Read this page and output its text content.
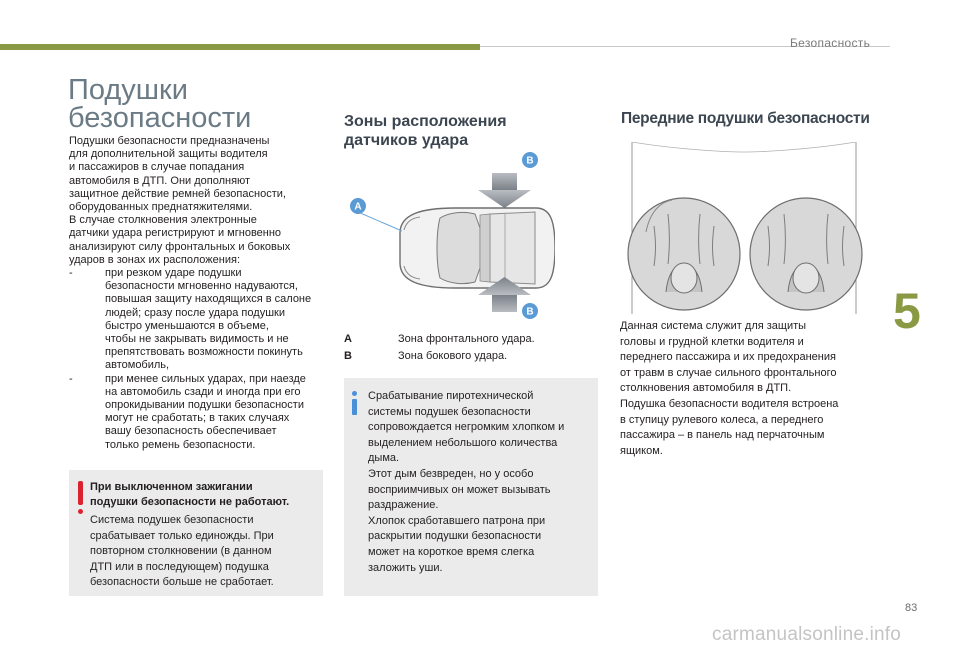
Безопасность
5
83
carmanualsonline.info
Подушки
безопасности

Подушки безопасности предназначены

для дополнительной защиты водителя

и пассажиров в случае попадания

автомобиля в ДТП. Они дополняют

защитное действие ремней безопасности,

оборудованных преднатяжителями.

В случае столкновения электронные

датчики удара регистрируют и мгновенно

анализируют силу фронтальных и боковых

ударов в зонах их расположения:

-	при резком ударе подушки

безопасности мгновенно надуваются,

повышая защиту находящихся в салоне

людей; сразу после удара подушки

быстро уменьшаются в объеме,

чтобы не закрывать видимость и не

препятствовать возможности покинуть

автомобиль,

-	при менее сильных ударах, при наезде

на автомобиль сзади и иногда при его

опрокидывании подушки безопасности

могут не сработать; в таких случаях

вашу безопасность обеспечивает

только ремень безопасности.

При выключенном зажигании
подушки безопасности не работают.
Система подушек безопасности
срабатывает только единожды. При
повторном столкновении (в данном
ДТП или в последующем) подушка
безопасности больше не сработает.
Зоны расположения
датчиков удара
A
B
B
A	Зона фронтального удара.
B	Зона бокового удара.
Срабатывание пиротехнической
системы подушек безопасности
сопровождается негромким хлопком и
выделением небольшого количества
дыма.
Этот дым безвреден, но у особо
восприимчивых он может вызывать
раздражение.
Хлопок сработавшего патрона при
раскрытии подушки безопасности
может на короткое время слегка
заложить уши.
Передние подушки безопасности

Данная система служит для защиты

головы и грудной клетки водителя и

переднего пассажира и их предохранения

от травм в случае сильного фронтального

столкновения автомобиля в ДТП.

Подушка безопасности водителя встроена

в ступицу рулевого колеса, а переднего

пассажира – в панель над перчаточным

ящиком.
